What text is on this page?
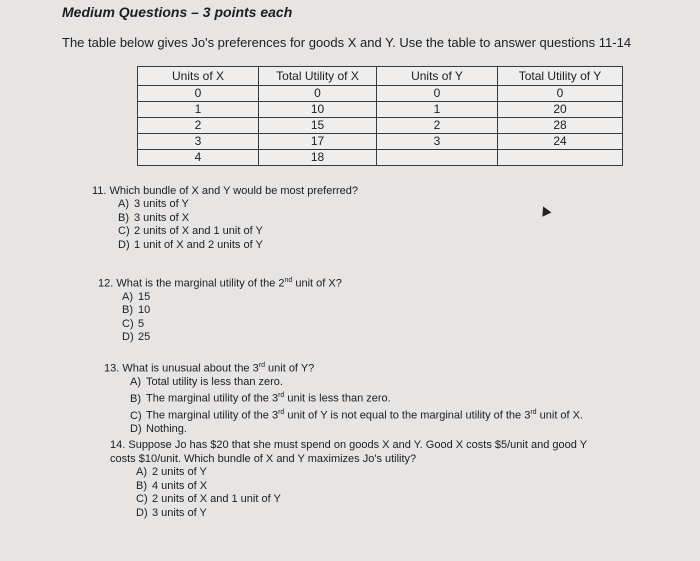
Medium Questions – 3 points each
The table below gives Jo's preferences for goods X and Y. Use the table to answer questions 11-14
Units of X	Total Utility of X	Units of Y	Total Utility of Y
0	0	0	0
1	10	1	20
2	15	2	28
3	17	3	24
4	18		
11. Which bundle of X and Y would be most preferred?
A) 3 units of Y
B) 3 units of X
C) 2 units of X and 1 unit of Y
D) 1 unit of X and 2 units of Y
12. What is the marginal utility of the 2nd unit of X?
A) 15
B) 10
C) 5
D) 25
13. What is unusual about the 3rd unit of Y?
A) Total utility is less than zero.
B) The marginal utility of the 3rd unit is less than zero.
C) The marginal utility of the 3rd unit of Y is not equal to the marginal utility of the 3rd unit of X.
D) Nothing.
14. Suppose Jo has $20 that she must spend on goods X and Y. Good X costs $5/unit and good Y costs $10/unit. Which bundle of X and Y maximizes Jo's utility?
A) 2 units of Y
B) 4 units of X
C) 2 units of X and 1 unit of Y
D) 3 units of Y
